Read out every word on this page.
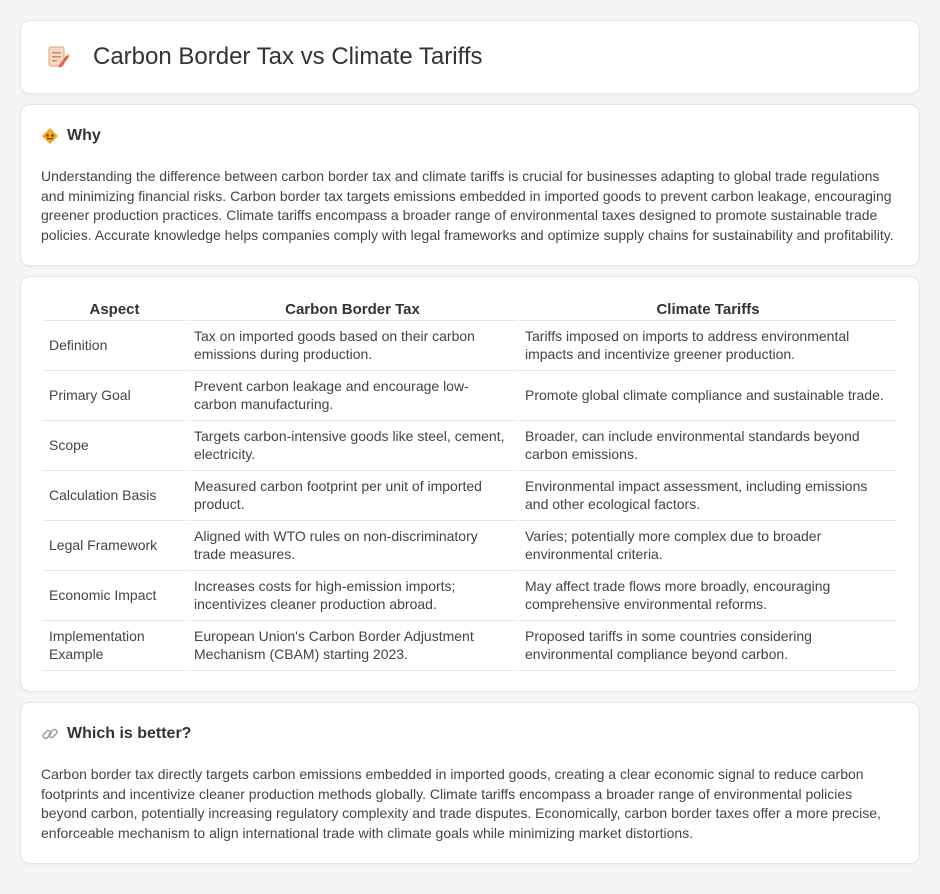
Carbon Border Tax vs Climate Tariffs
Why

Understanding the difference between carbon border tax and climate tariffs is crucial for businesses adapting to global trade regulations and minimizing financial risks. Carbon border tax targets emissions embedded in imported goods to prevent carbon leakage, encouraging greener production practices. Climate tariffs encompass a broader range of environmental taxes designed to promote sustainable trade policies. Accurate knowledge helps companies comply with legal frameworks and optimize supply chains for sustainability and profitability.

Aspect	Carbon Border Tax	Climate Tariffs
Definition	Tax on imported goods based on their carbon emissions during production.	Tariffs imposed on imports to address environmental impacts and incentivize greener production.
Primary Goal	Prevent carbon leakage and encourage low-carbon manufacturing.	Promote global climate compliance and sustainable trade.
Scope	Targets carbon-intensive goods like steel, cement, electricity.	Broader, can include environmental standards beyond carbon emissions.
Calculation Basis	Measured carbon footprint per unit of imported product.	Environmental impact assessment, including emissions and other ecological factors.
Legal Framework	Aligned with WTO rules on non-discriminatory trade measures.	Varies; potentially more complex due to broader environmental criteria.
Economic Impact	Increases costs for high-emission imports; incentivizes cleaner production abroad.	May affect trade flows more broadly, encouraging comprehensive environmental reforms.
Implementation Example	European Union's Carbon Border Adjustment Mechanism (CBAM) starting 2023.	Proposed tariffs in some countries considering environmental compliance beyond carbon.
Which is better?

Carbon border tax directly targets carbon emissions embedded in imported goods, creating a clear economic signal to reduce carbon footprints and incentivize cleaner production methods globally. Climate tariffs encompass a broader range of environmental policies beyond carbon, potentially increasing regulatory complexity and trade disputes. Economically, carbon border taxes offer a more precise, enforceable mechanism to align international trade with climate goals while minimizing market distortions.
